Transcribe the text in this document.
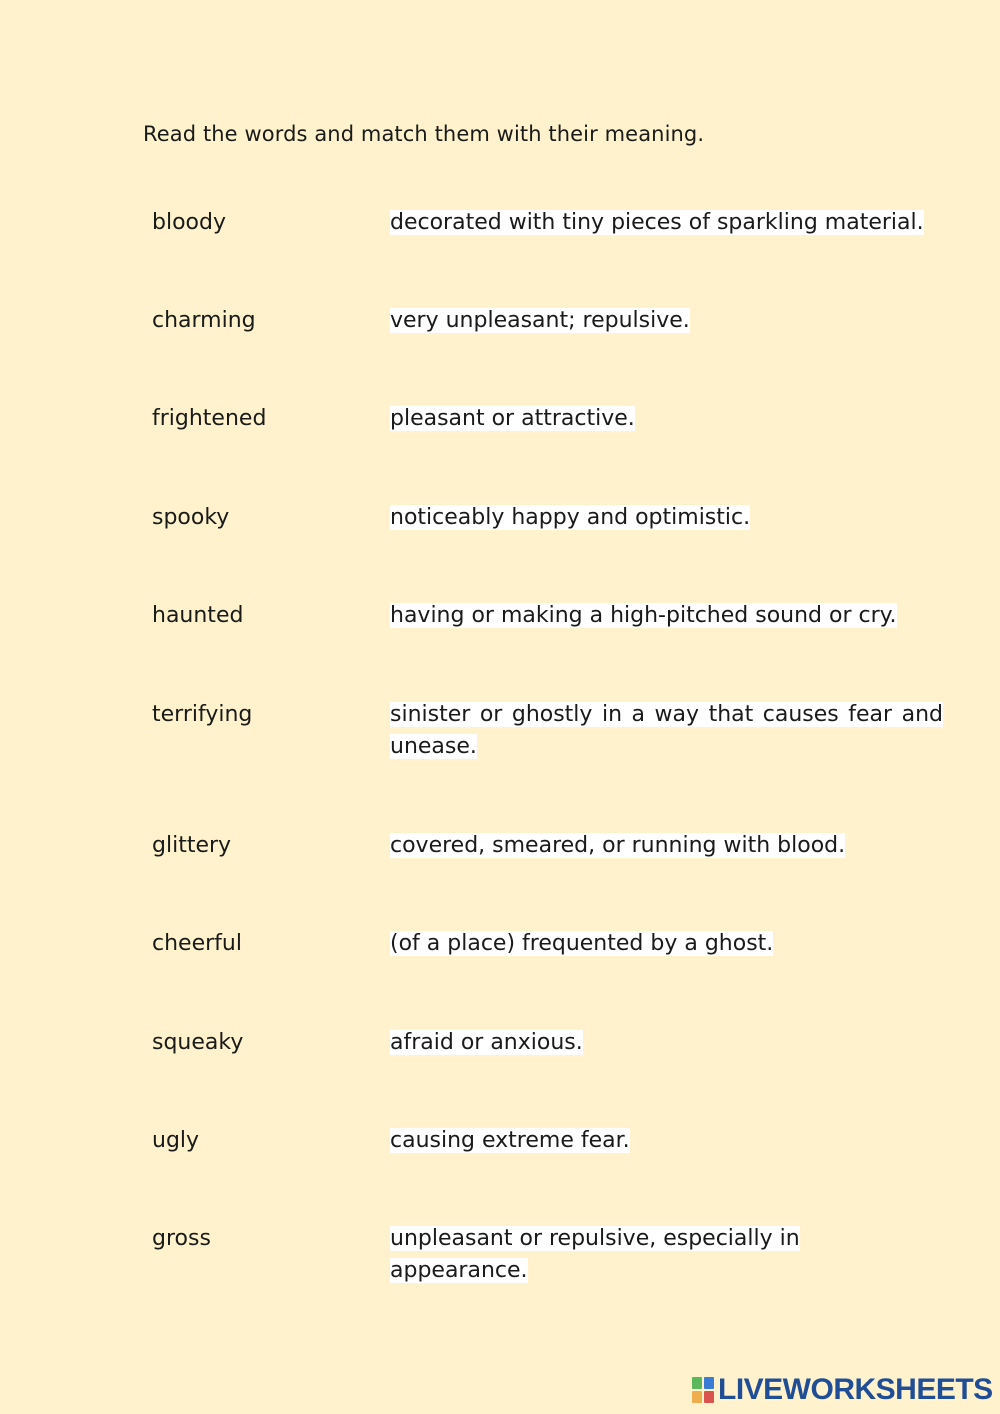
Read the words and match them with their meaning.
bloody	decorated with tiny pieces of sparkling material.
charming	very unpleasant; repulsive.
frightened	pleasant or attractive.
spooky	noticeably happy and optimistic.
haunted	having or making a high-pitched sound or cry.
terrifying	sinister or ghostly in a way that causes fear and unease.
glittery	covered, smeared, or running with blood.
cheerful	(of a place) frequented by a ghost.
squeaky	afraid or anxious.
ugly	causing extreme fear.
gross	unpleasant or repulsive, especially in appearance.
LIVEWORKSHEETS
